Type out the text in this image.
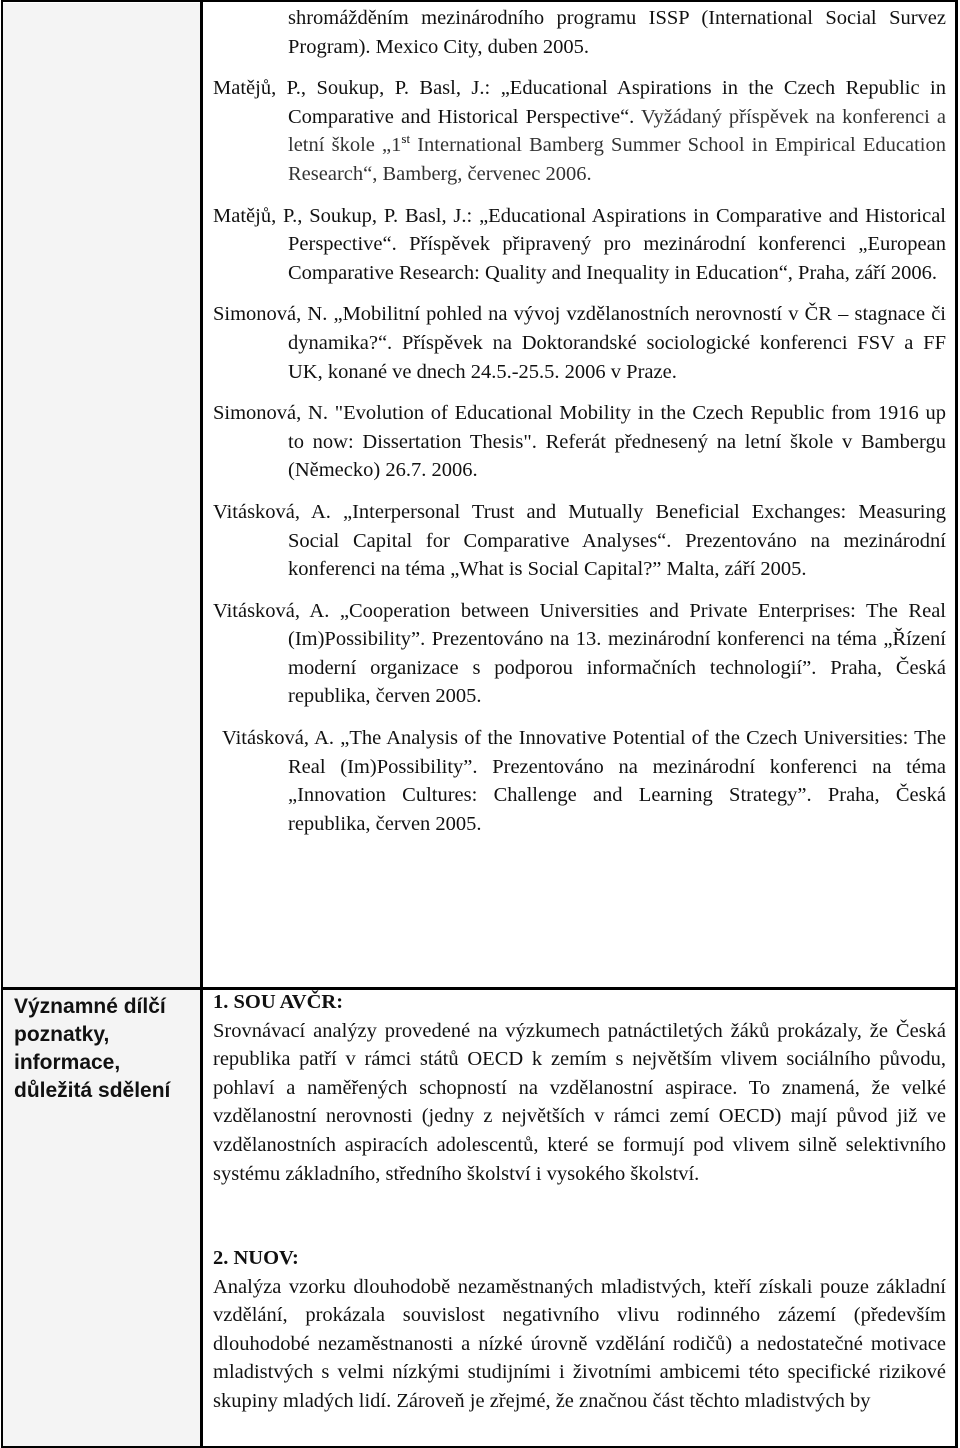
Významné dílčí poznatky, informace, důležitá sdělení

shromážděním mezinárodního programu ISSP (International Social Survez Program). Mexico City, duben 2005.

Matějů, P., Soukup, P. Basl, J.: „Educational Aspirations in the Czech Republic in Comparative and Historical Perspective“. Vyžádaný příspěvek na konferenci a letní škole „1st International Bamberg Summer School in Empirical Education Research“, Bamberg, červenec 2006.

Matějů, P., Soukup, P. Basl, J.: „Educational Aspirations in Comparative and Historical Perspective“. Příspěvek připravený pro mezinárodní konferenci „European Comparative Research: Quality and Inequality in Education“, Praha, září 2006.

Simonová, N. „Mobilitní pohled na vývoj vzdělanostních nerovností v ČR – stagnace či dynamika?“. Příspěvek na Doktorandské sociologické konferenci FSV a FF UK, konané ve dnech 24.5.-25.5. 2006 v Praze.

Simonová, N. "Evolution of Educational Mobility in the Czech Republic from 1916 up to now: Dissertation Thesis". Referát přednesený na letní škole v Bambergu (Německo) 26.7. 2006.

Vitásková, A. „Interpersonal Trust and Mutually Beneficial Exchanges: Measuring Social Capital for Comparative Analyses“. Prezentováno na mezinárodní konferenci na téma „What is Social Capital?” Malta, září 2005.

Vitásková, A. „Cooperation between Universities and Private Enterprises: The Real (Im)Possibility”. Prezentováno na 13. mezinárodní konferenci na téma „Řízení moderní organizace s podporou informačních technologií”. Praha, Česká republika, červen 2005.

Vitásková, A. „The Analysis of the Innovative Potential of the Czech Universities: The Real (Im)Possibility”. Prezentováno na mezinárodní konferenci na téma „Innovation Cultures: Challenge and Learning Strategy”. Praha, Česká republika, červen 2005.

1. SOU AVČR:

Srovnávací analýzy provedené na výzkumech patnáctiletých žáků prokázaly, že Česká republika patří v rámci států OECD k zemím s největším vlivem sociálního původu, pohlaví a naměřených schopností na vzdělanostní aspirace. To znamená, že velké vzdělanostní nerovnosti (jedny z největších v rámci zemí OECD) mají původ již ve vzdělanostních aspiracích adolescentů, které se formují pod vlivem silně selektivního systému základního, středního školství i vysokého školství.

2. NUOV:

Analýza vzorku dlouhodobě nezaměstnaných mladistvých, kteří získali pouze základní vzdělání, prokázala souvislost negativního vlivu rodinného zázemí (především dlouhodobé nezaměstnanosti a nízké úrovně vzdělání rodičů) a nedostatečné motivace mladistvých s velmi nízkými studijními i životními ambicemi této specifické rizikové skupiny mladých lidí. Zároveň je zřejmé, že značnou část těchto mladistvých by
